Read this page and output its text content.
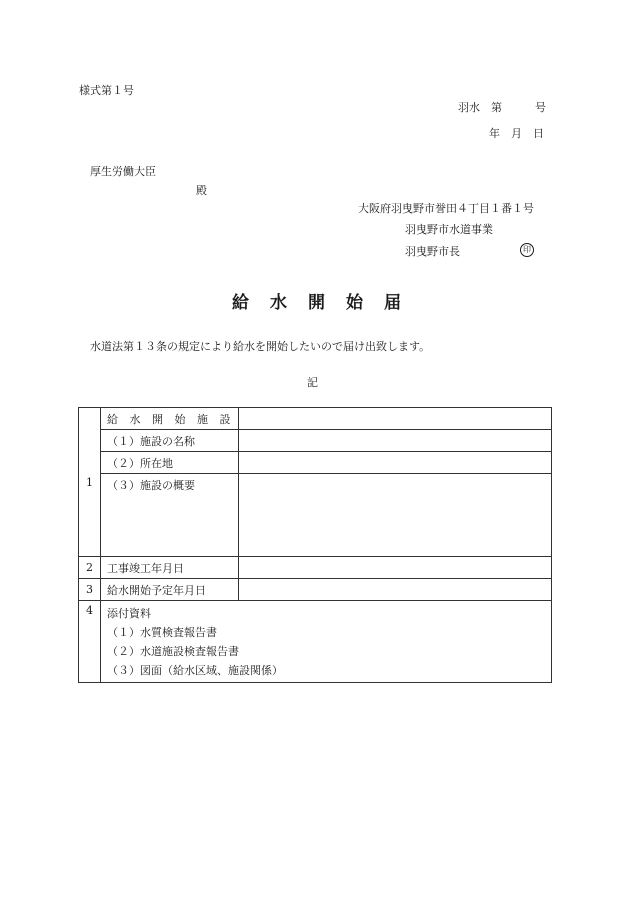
様式第１号
羽水　第　　　号
年　月　日
厚生労働大臣
殿
大阪府羽曳野市誉田４丁目１番１号
羽曳野市水道事業
羽曳野市長	印
給水開始届
水道法第１３条の規定により給水を開始したいので届け出致します。
記
1	給 水 開 始 施 設	
	（１）施設の名称	
	（２）所在地	
	（３）施設の概要	
2	工事竣工年月日	
3	給水開始予定年月日	
4	添付資料
（１）水質検査報告書
（２）水道施設検査報告書
（３）図面（給水区域、施設関係）	
